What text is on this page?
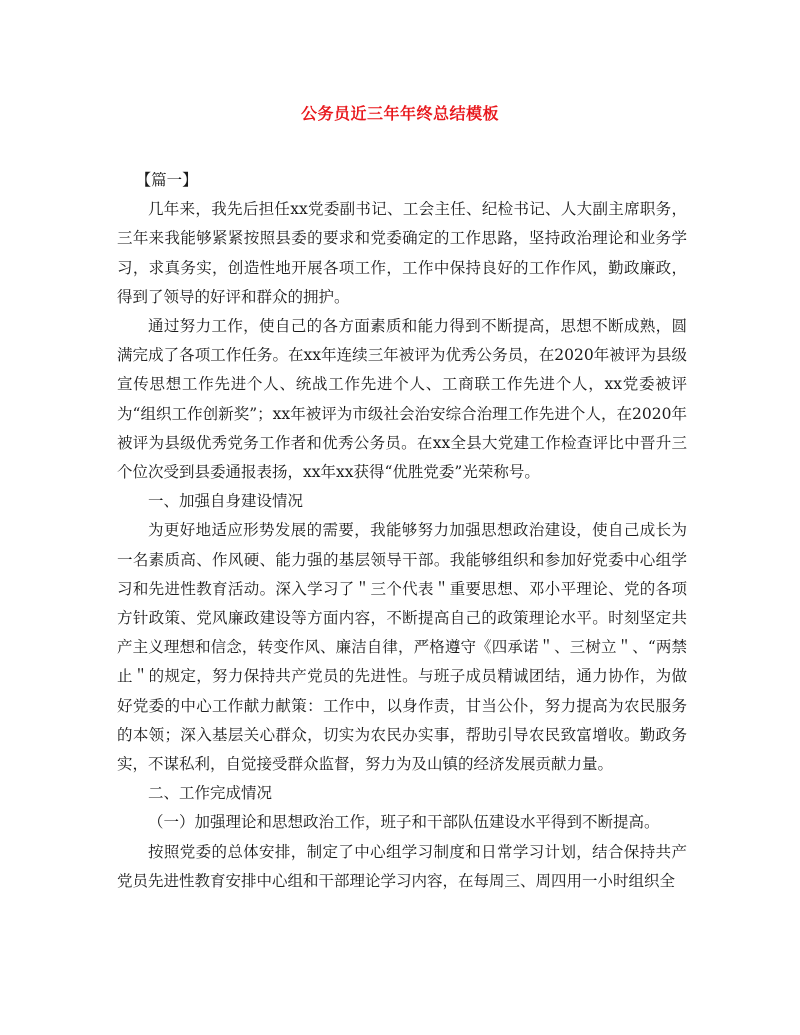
公务员近三年年终总结模板

【篇一】

几年来，我先后担任xx党委副书记、工会主任、纪检书记、人大副主席职务，三年来我能够紧紧按照县委的要求和党委确定的工作思路，坚持政治理论和业务学习，求真务实，创造性地开展各项工作，工作中保持良好的工作作风，勤政廉政，得到了领导的好评和群众的拥护。

通过努力工作，使自己的各方面素质和能力得到不断提高，思想不断成熟，圆满完成了各项工作任务。在xx年连续三年被评为优秀公务员，在2020年被评为县级宣传思想工作先进个人、统战工作先进个人、工商联工作先进个人，xx党委被评为“组织工作创新奖”；xx年被评为市级社会治安综合治理工作先进个人，在2020年被评为县级优秀党务工作者和优秀公务员。在xx全县大党建工作检查评比中晋升三个位次受到县委通报表扬，xx年xx获得“优胜党委”光荣称号。

一、加强自身建设情况

为更好地适应形势发展的需要，我能够努力加强思想政治建设，使自己成长为一名素质高、作风硬、能力强的基层领导干部。我能够组织和参加好党委中心组学习和先进性教育活动。深入学习了＂三个代表＂重要思想、邓小平理论、党的各项方针政策、党风廉政建设等方面内容，不断提高自己的政策理论水平。时刻坚定共产主义理想和信念，转变作风、廉洁自律，严格遵守《四承诺＂、三树立＂、“两禁止＂的规定，努力保持共产党员的先进性。与班子成员精诚团结，通力协作，为做好党委的中心工作献力献策：工作中，以身作责，甘当公仆，努力提高为农民服务的本领；深入基层关心群众，切实为农民办实事，帮助引导农民致富增收。勤政务实，不谋私利，自觉接受群众监督，努力为及山镇的经济发展贡献力量。

二、工作完成情况

（一）加强理论和思想政治工作，班子和干部队伍建设水平得到不断提高。

按照党委的总体安排，制定了中心组学习制度和日常学习计划，结合保持共产党员先进性教育安排中心组和干部理论学习内容，在每周三、周四用一小时组织全
